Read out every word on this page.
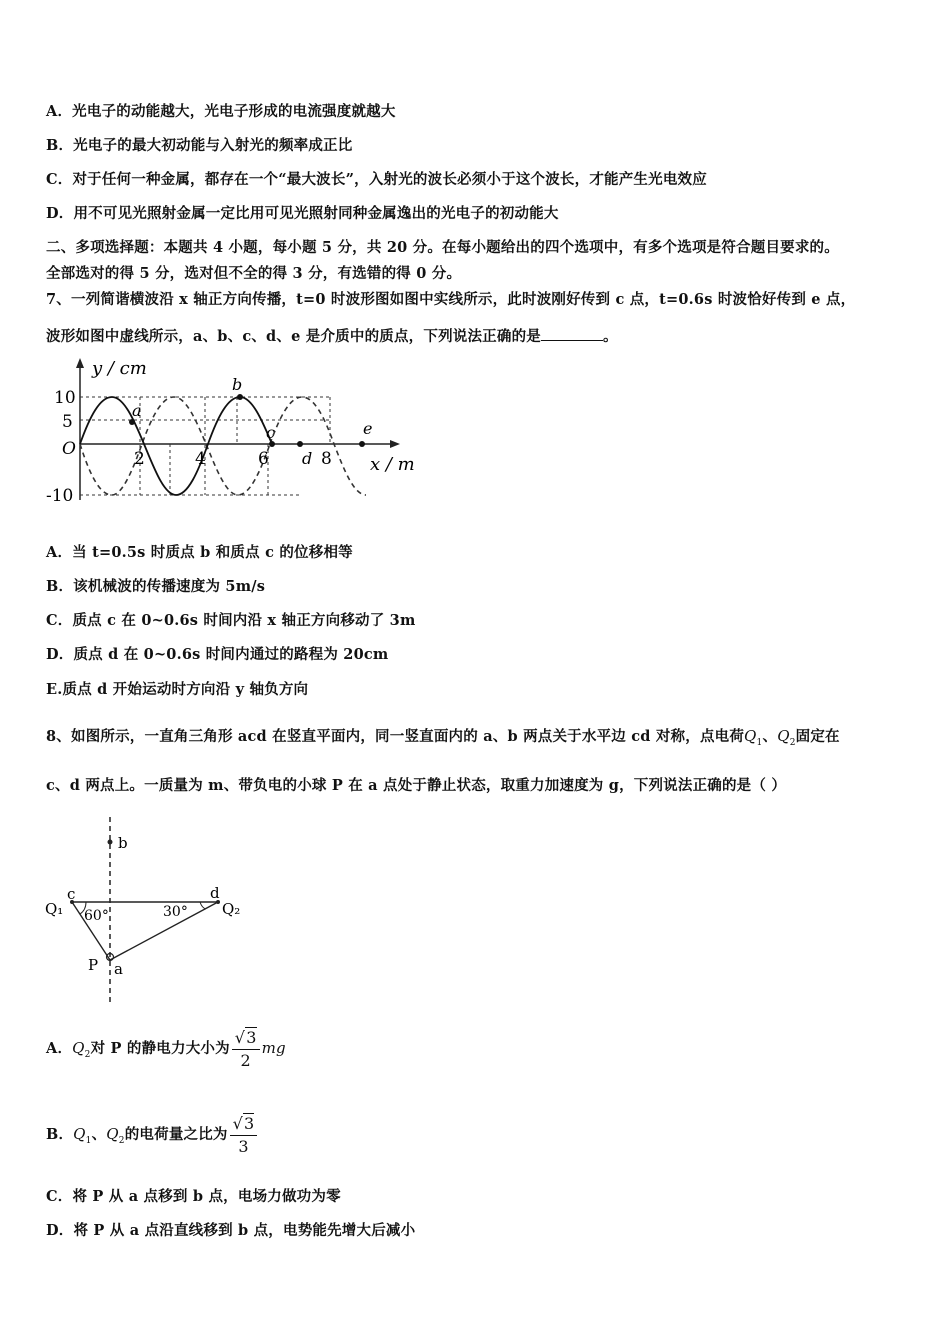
A．光电子的动能越大，光电子形成的电流强度就越大
B．光电子的最大初动能与入射光的频率成正比
C．对于任何一种金属，都存在一个“最大波长”，入射光的波长必须小于这个波长，才能产生光电效应
D．用不可见光照射金属一定比用可见光照射同种金属逸出的光电子的初动能大
二、多项选择题：本题共 4 小题，每小题 5 分，共 20 分。在每小题给出的四个选项中，有多个选项是符合题目要求的。
全部选对的得 5 分，选对但不全的得 3 分，有选错的得 0 分。
7、一列简谐横波沿 x 轴正方向传播，t=0 时波形图如图中实线所示，此时波刚好传到 c 点，t=0.6s 时波恰好传到 e 点，
波形如图中虚线所示，a、b、c、d、e 是介质中的质点，下列说法正确的是	。
y / cm
x / m
O
10
5
-10
2	4	6	8
a
b
c
d
e
A．当 t=0.5s 时质点 b 和质点 c 的位移相等
B．该机械波的传播速度为 5m/s
C．质点 c 在 0~0.6s 时间内沿 x 轴正方向移动了 3m
D．质点 d 在 0~0.6s 时间内通过的路程为 20cm
E.质点 d 开始运动时方向沿 y 轴负方向
8、如图所示，一直角三角形 acd 在竖直平面内，同一竖直面内的 a、b 两点关于水平边 cd 对称，点电荷$Q_1$、$Q_2$固定在
c、d 两点上。一质量为 m、带负电的小球 P 在 a 点处于静止状态，取重力加速度为 g，下列说法正确的是（ ）
b
c	d
Q₁	Q₂
60°	30°
P a
A．$Q_2$对 P 的静电力大小为 $\frac{√3}{2}$ mg
B．$Q_1$、$Q_2$的电荷量之比为 $\frac{√3}{3}$
C．将 P 从 a 点移到 b 点，电场力做功为零
D．将 P 从 a 点沿直线移到 b 点，电势能先增大后减小
